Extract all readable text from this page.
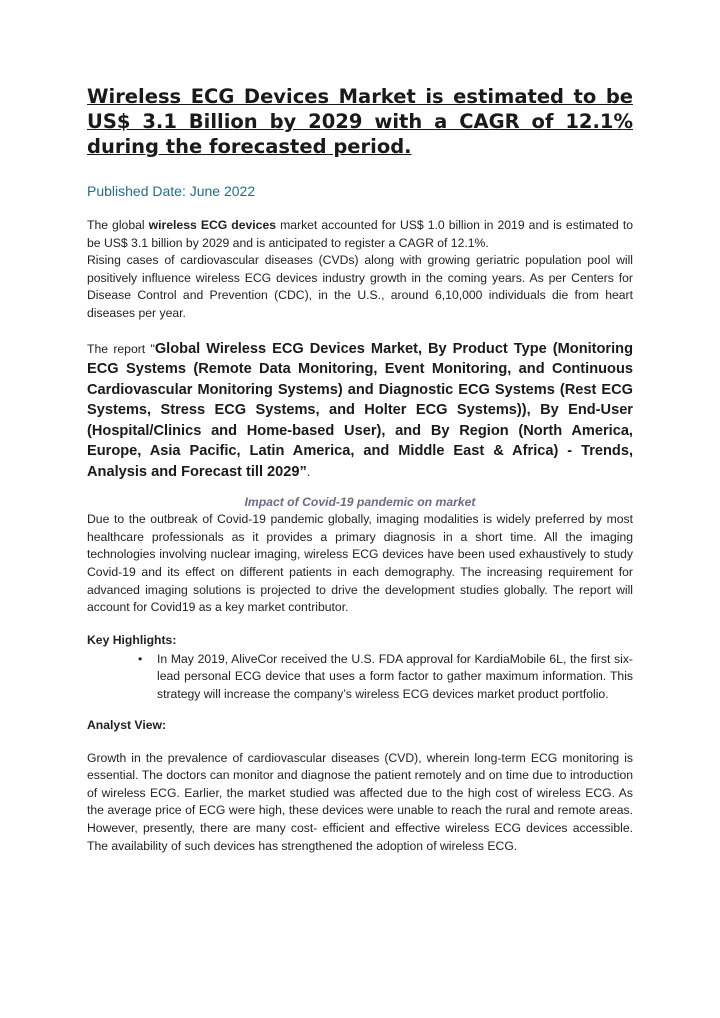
Wireless ECG Devices Market is estimated to be US$ 3.1 Billion by 2029 with a CAGR of 12.1% during the forecasted period.
Published Date: June 2022

The global wireless ECG devices market accounted for US$ 1.0 billion in 2019 and is estimated to be US$ 3.1 billion by 2029 and is anticipated to register a CAGR of 12.1%.

Rising cases of cardiovascular diseases (CVDs) along with growing geriatric population pool will positively influence wireless ECG devices industry growth in the coming years. As per Centers for Disease Control and Prevention (CDC), in the U.S., around 6,10,000 individuals die from heart diseases per year.

The report "Global Wireless ECG Devices Market, By Product Type (Monitoring ECG Systems (Remote Data Monitoring, Event Monitoring, and Continuous Cardiovascular Monitoring Systems) and Diagnostic ECG Systems (Rest ECG Systems, Stress ECG Systems, and Holter ECG Systems)), By End-User (Hospital/Clinics and Home-based User), and By Region (North America, Europe, Asia Pacific, Latin America, and Middle East & Africa) - Trends, Analysis and Forecast till 2029”.

Impact of Covid-19 pandemic on market

Due to the outbreak of Covid-19 pandemic globally, imaging modalities is widely preferred by most healthcare professionals as it provides a primary diagnosis in a short time. All the imaging technologies involving nuclear imaging, wireless ECG devices have been used exhaustively to study Covid-19 and its effect on different patients in each demography. The increasing requirement for advanced imaging solutions is projected to drive the development studies globally. The report will account for Covid19 as a key market contributor.

Key Highlights:
• In May 2019, AliveCor received the U.S. FDA approval for KardiaMobile 6L, the first six-lead personal ECG device that uses a form factor to gather maximum information. This strategy will increase the company’s wireless ECG devices market product portfolio.
Analyst View:

Growth in the prevalence of cardiovascular diseases (CVD), wherein long-term ECG monitoring is essential. The doctors can monitor and diagnose the patient remotely and on time due to introduction of wireless ECG. Earlier, the market studied was affected due to the high cost of wireless ECG. As the average price of ECG were high, these devices were unable to reach the rural and remote areas. However, presently, there are many cost- efficient and effective wireless ECG devices accessible. The availability of such devices has strengthened the adoption of wireless ECG.
